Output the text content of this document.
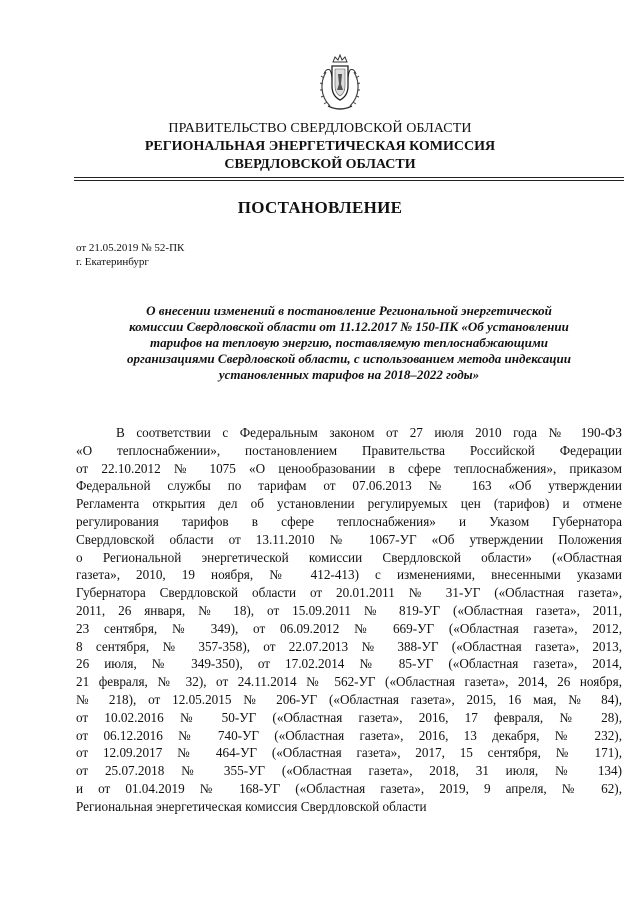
ПРАВИТЕЛЬСТВО СВЕРДЛОВСКОЙ ОБЛАСТИ
РЕГИОНАЛЬНАЯ ЭНЕРГЕТИЧЕСКАЯ КОМИССИЯ
СВЕРДЛОВСКОЙ ОБЛАСТИ
ПОСТАНОВЛЕНИЕ
от 21.05.2019 № 52-ПК
г. Екатеринбург
О внесении изменений в постановление Региональной энергетической
комиссии Свердловской области от 11.12.2017 № 150-ПК «Об установлении
тарифов на тепловую энергию, поставляемую теплоснабжающими
организациями Свердловской области, с использованием метода индексации
установленных тарифов на 2018–2022 годы»
В соответствии с Федеральным законом от 27 июля 2010 года № 190-ФЗ
«О теплоснабжении», постановлением Правительства Российской Федерации
от 22.10.2012 № 1075 «О ценообразовании в сфере теплоснабжения», приказом
Федеральной службы по тарифам от 07.06.2013 № 163 «Об утверждении
Регламента открытия дел об установлении регулируемых цен (тарифов) и отмене
регулирования тарифов в сфере теплоснабжения» и Указом Губернатора
Свердловской области от 13.11.2010 № 1067-УГ «Об утверждении Положения
о Региональной энергетической комиссии Свердловской области» («Областная
газета», 2010, 19 ноября, № 412-413) с изменениями, внесенными указами
Губернатора Свердловской области от 20.01.2011 № 31-УГ («Областная газета»,
2011, 26 января, № 18), от 15.09.2011 № 819-УГ («Областная газета», 2011,
23 сентября, № 349), от 06.09.2012 № 669-УГ («Областная газета», 2012,
8 сентября, № 357-358), от 22.07.2013 № 388-УГ («Областная газета», 2013,
26 июля, № 349-350), от 17.02.2014 № 85-УГ («Областная газета», 2014,
21 февраля, № 32), от 24.11.2014 № 562-УГ («Областная газета», 2014, 26 ноября,
№ 218), от 12.05.2015 № 206-УГ («Областная газета», 2015, 16 мая, № 84),
от 10.02.2016 № 50-УГ («Областная газета», 2016, 17 февраля, № 28),
от 06.12.2016 № 740-УГ («Областная газета», 2016, 13 декабря, № 232),
от 12.09.2017 № 464-УГ («Областная газета», 2017, 15 сентября, № 171),
от 25.07.2018 № 355-УГ («Областная газета», 2018, 31 июля, № 134)
и от 01.04.2019 № 168-УГ («Областная газета», 2019, 9 апреля, № 62),
Региональная энергетическая комиссия Свердловской области
